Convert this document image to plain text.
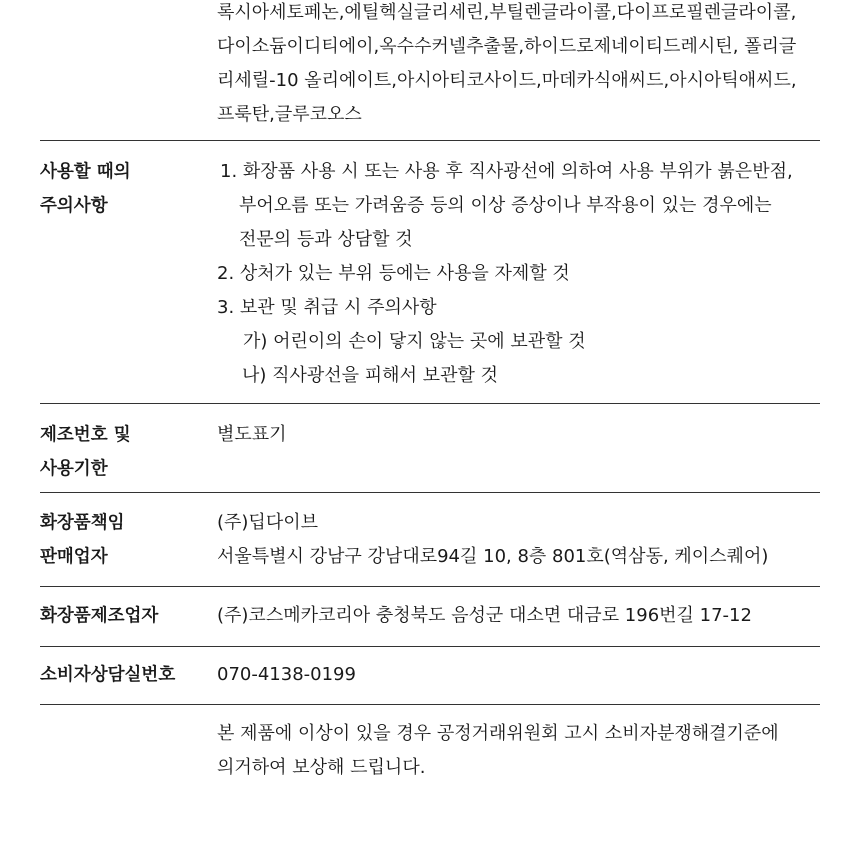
록시아세토페논,에틸헥실글리세린,부틸렌글라이콜,다이프로필렌글라이콜,
다이소듐이디티에이,옥수수커넬추출물,하이드로제네이티드레시틴, 폴리글
리세릴-10 올리에이트,아시아티코사이드,마데카식애씨드,아시아틱애씨드,
프룩탄,글루코오스
사용할 때의
주의사항
1. 화장품 사용 시 또는 사용 후 직사광선에 의하여 사용 부위가 붉은반점,
부어오름 또는 가려움증 등의 이상 증상이나 부작용이 있는 경우에는
전문의 등과 상담할 것
2. 상처가 있는 부위 등에는 사용을 자제할 것
3. 보관 및 취급 시 주의사항
가) 어린이의 손이 닿지 않는 곳에 보관할 것
나) 직사광선을 피해서 보관할 것
제조번호 및
사용기한
별도표기
화장품책임
판매업자
(주)딥다이브
서울특별시 강남구 강남대로94길 10, 8층 801호(역삼동, 케이스퀘어)
화장품제조업자	(주)코스메카코리아 충청북도 음성군 대소면 대금로 196번길 17-12
소비자상담실번호	070-4138-0199
본 제품에 이상이 있을 경우 공정거래위원회 고시 소비자분쟁해결기준에
의거하여 보상해 드립니다.
